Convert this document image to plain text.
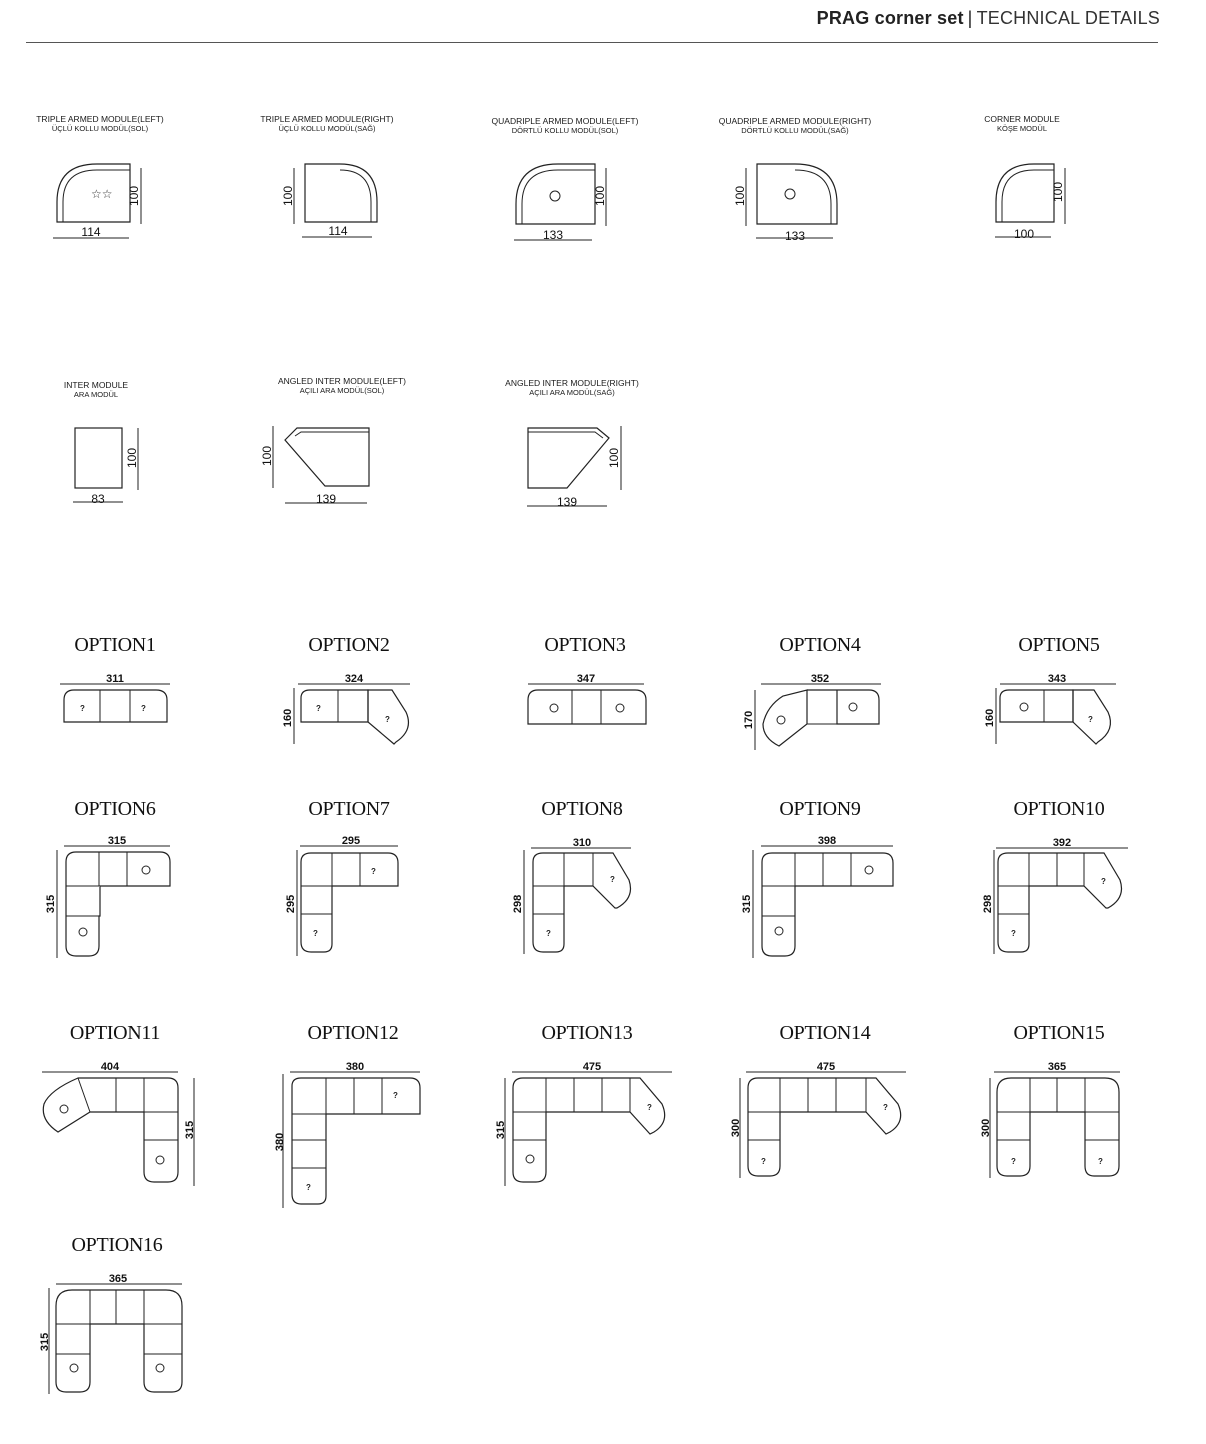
PRAG corner set | TECHNICAL DETAILS
TRIPLE ARMED MODULE(LEFT)
ÜÇLÜ KOLLU MODÜL(SOL)
☆☆ 100
114
TRIPLE ARMED MODULE(RIGHT)
ÜÇLÜ KOLLU MODÜL(SAĞ)
100
114
QUADRIPLE ARMED MODULE(LEFT)
DÖRTLÜ KOLLU MODÜL(SOL)
100
133
QUADRIPLE ARMED MODULE(RIGHT)
DÖRTLÜ KOLLU MODÜL(SAĞ)
100
133
CORNER MODULE
KÖŞE MODÜL
100
100
INTER MODULE
ARA MODÜL
100
83
ANGLED INTER MODULE(LEFT)
AÇILI ARA MODÜL(SOL)
100
139
ANGLED INTER MODULE(RIGHT)
AÇILI ARA MODÜL(SAĞ)
100
139
OPTION1
311
?	?
OPTION2
324
160
?
?
OPTION3
347
OPTION4
352
170
OPTION5
343
160	?
OPTION6
315
315
OPTION7
295
295
?
?
OPTION8
310
298
?
?
OPTION9
398
315
OPTION10
392
298
?
?
OPTION11
404
315
OPTION12
380
380
?
?
OPTION13
475
315
?
OPTION14
475
300
?
?
OPTION15
365
300
?	?
OPTION16
365
315
